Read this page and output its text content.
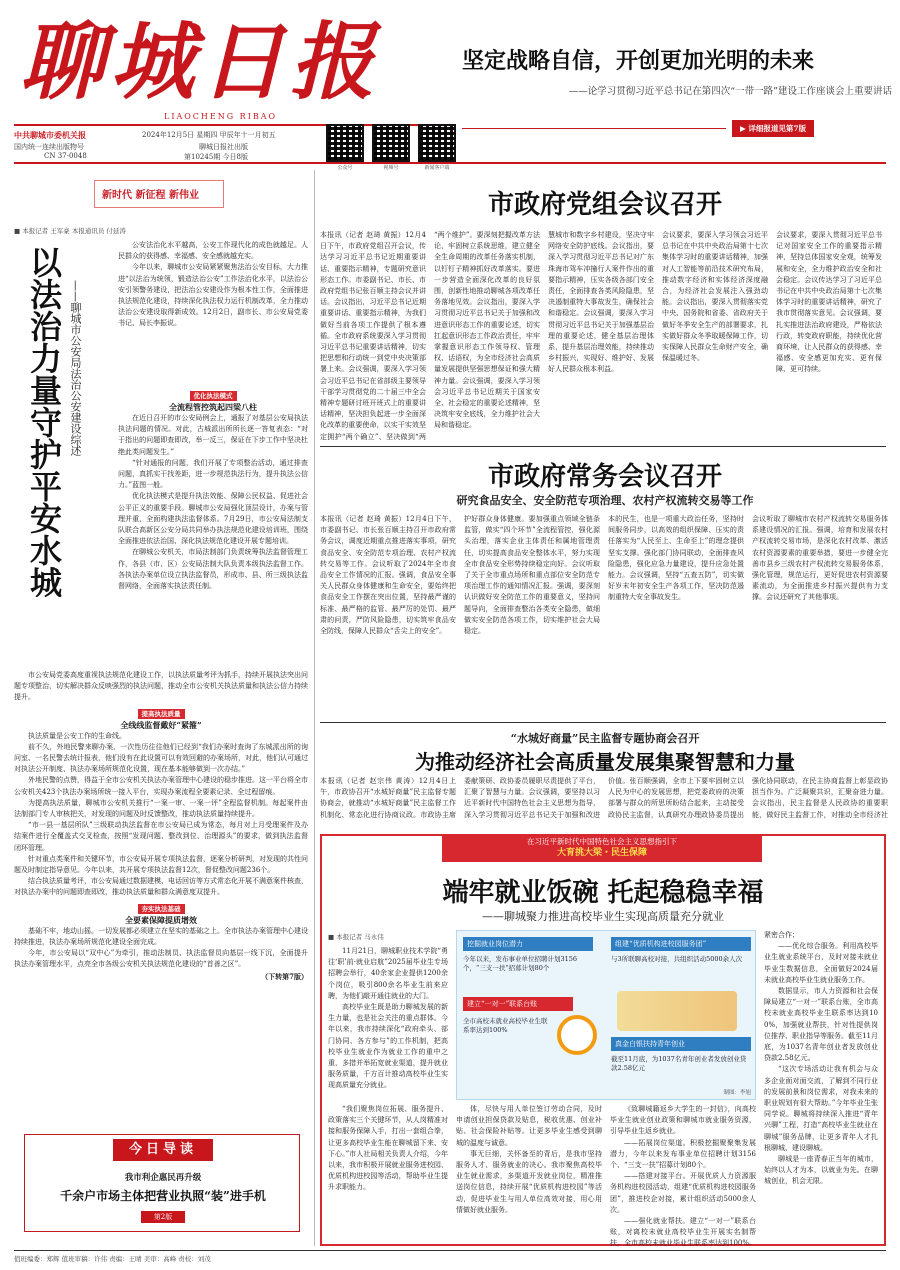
聊城日报
LIAOCHENG RIBAO
中共聊城市委机关报
国内统一连续出版物号
CN 37-0048
2024年12月5日 星期四 甲辰年十一月初五
聊城日报社出版
第10245期 今日8版
公众号	视频号	新闻客户端
坚定战略自信，开创更加光明的未来
——论学习贯彻习近平总书记在第四次“一带一路”建设工作座谈会上重要讲话
▶ 详细报道见第7版
新时代 新征程 新伟业
■ 本报记者 王军豪 本报通讯员 付延涛
以法治力量守护平安水城 ——聊城市公安局法治公安建设综述

公安法治化水平越高，公安工作现代化的成色就越足。人民群众的获得感、幸福感、安全感就越充实。

今年以来，聊城市公安局紧紧聚焦法治公安目标，大力推进“以法治为统领，锻造法治公安”工作法治化水平，以法治公安引领警务建设，把法治公安建设作为根本性工作，全面推进执法规范化建设，持续深化执法权力运行机制改革，全力推动法治公安建设取得新成效。12月2日，副市长、市公安局党委书记、局长李振说。

优化执法模式
全流程管控筑起四梁八柱

在近日召开的市公安局例会上，通报了对基层公安局执法执法问题的情况。对此，古城派出所所长逐一答复表态：“对于指出的问题即查即改，举一反三，保证在下步工作中坚决杜绝此类问题发生。”

“针对通报的问题，我们开展了专项整治活动，通过排查问题，真抓实干找差距，进一步规范执法行为，提升执法公信力。”蓝图一般。

优化执法模式是提升执法效能、保障公民权益、促进社会公平正义的重要手段。聊城市公安局强化顶层设计，办案与管理并重，全面构建执法监督体系。7月29日，市公安局法制支队联合高新区公安分局共同举办执法规范化建设培训班，围绕全面推进依法治国、深化执法规范化建设开展专题培训。

在聊城公安机关，市局法制部门负责统筹执法监督管理工作，各县（市、区）公安局法制大队负责本级执法监督工作。各执法办案单位设立执法监督员，形成市、县、所三级执法监督网络，全面落实执法责任制。

市公安局党委高度重视执法规范化建设工作，以执法质量考评为抓手，持续开展执法突出问题专项整治，切实解决群众反映强烈的执法问题，推动全市公安机关执法质量和执法公信力持续提升。

提高执法质量
全线线监督戴好“紧箍”

执法质量是公安工作的生命线。

前不久，外地民警来聊办案，一次性历往往他们已经到“我们办案时查询了东城派出所的询问室、一名民警去统计报表，他们没有在此设置可以有效回避的办案场所，对此，他们认可通过对执法公开制度、执法办案场所规范化设置，现在基本能够做到一次办结。”

外地民警的点赞，得益于全市公安机关执法办案管理中心建设的稳步推进。这一平台将全市公安机关423个执法办案场所统一接入平台，实现办案流程全要素记录、全过程留痕。

为提高执法质量，聊城市公安机关推行“一案一审、一案一评”全程监督机制。每起案件由法制部门专人审核把关，对发现的问题及时反馈整改，推动执法质量持续提升。

“市一县一基层所队”三级联动执法监督在市公安局已成为常态，每月对上月受理案件及办结案件进行全覆盖式交叉检查，按照“发现问题、整改到位、治理源头”的要求，做到执法监督闭环管理。

针对重点类案件和关键环节，市公安局开展专项执法监督，逐案分析研判，对发现的共性问题及时制定指导意见。今年以来，共开展专项执法监督12次，督促整改问题236个。

结合执法质量考评，市公安局通过数据建模、电话回访等方式常态化开展不满意案件核查，对执法办案中的问题即查即改，推动执法质量和群众满意度双提升。

夯实执法基础
全要素保障提质增效

基础不牢，地动山摇。一切发展都必须建立在坚实的基础之上。全市执法办案管理中心建设持续推进，执法办案场所规范化建设全面完成。

今年，市公安局以“双中心”为牵引，推动法制员、执法监督员向基层一线下沉，全面提升执法办案管理水平，点亮全市各级公安机关执法规范化建设的“首善之区”。

（下转第7版）
今日导读
我市利企惠民再升级
千余户市场主体把营业执照“装”进手机
第2版
市政府党组会议召开

本报讯（记者 赵琦 黄振）12月4日下午，市政府党组召开会议，传达学习习近平总书记近期重要讲话、重要指示精神，专题研究意识形态工作。市委副书记、市长、市政府党组书记张百顺主持会议并讲话。会议指出，习近平总书记近期重要讲话、重要指示精神，为我们做好当前各项工作提供了根本遵循。全市政府系统要深入学习贯彻习近平总书记重要讲话精神，切实把思想和行动统一到党中央决策部署上来。会议强调，要深入学习领会习近平总书记在省部级主要领导干部学习贯彻党的二十届三中全会精神专题研讨班开班式上的重要讲话精神，坚决担负起进一步全面深化改革的重要使命，以实干实效坚定拥护“两个确立”、坚决做到“两

“两个维护”。要深刻把握改革方法论，牢固树立系统思维，建立健全全生命周期的改革任务落实机制，以钉钉子精神抓好改革落实。要进一步营造全面深化改革的良好氛围，创新性地推动聊城各项改革任务落地见效。会议指出，要深入学习贯彻习近平总书记关于加强和改进意识形态工作的重要论述，切实扛起意识形态工作政治责任，牢牢掌握意识形态工作领导权、管理权、话语权，为全市经济社会高质量发展提供坚强思想保证和强大精神力量。会议强调，要深入学习领会习近平总书记近期关于国家安全、社会稳定的重要论述精神，坚决筑牢安全底线，全力维护社会大局和谐稳定。

慧城市和数字乡村建设，坚决守牢网络安全防护底线。会议指出，要深入学习贯彻习近平总书记对广东珠海市驾车冲撞行人案件作出的重要指示精神，压实各级各部门安全责任，全面排查各类风险隐患，坚决遏制重特大事故发生，确保社会和谐稳定。会议强调，要深入学习贯彻习近平总书记关于加强基层治理的重要论述，健全基层治理体系，提升基层治理效能，持续推动乡村振兴，实现好、维护好、发展好人民群众根本利益。

会议要求，要深入学习领会习近平总书记在中共中央政治局第十七次集体学习时的重要讲话精神，加强对人工智能等前沿技术研究布局，推动数字经济和实体经济深度融合，为经济社会发展注入强劲动能。会议指出，要深入贯彻落实党中央、国务院和省委、省政府关于做好冬季安全生产的部署要求，扎实做好群众冬季取暖保障工作，切实保障人民群众生命财产安全，确保温暖过冬。

会议要求，要深入贯彻习近平总书记对国家安全工作的重要指示精神，坚持总体国家安全观，统筹发展和安全，全力维护政治安全和社会稳定。会议传达学习了习近平总书记在中共中央政治局第十七次集体学习时的重要讲话精神，研究了我市贯彻落实意见。会议强调，要扎实推进法治政府建设，严格依法行政，转变政府职能，持续优化营商环境，让人民群众的获得感、幸福感、安全感更加充实、更有保障、更可持续。

市政府常务会议召开
研究食品安全、安全防范专项治理、农村产权流转交易等工作

本报讯（记者 赵琦 黄振）12月4日下午，市委副书记、市长张百顺主持召开市政府常务会议，调度近期重点推进落实事项，研究食品安全、安全防范专项治理、农村产权流转交易等工作。会议听取了2024年全市食品安全工作情况的汇报。强调，食品安全事关人民群众身体健康和生命安全，要始终把食品安全工作摆在突出位置，坚持最严谨的标准、最严格的监管、最严厉的处罚、最严肃的问责，严防风险隐患，切实筑牢食品安全防线，保障人民群众“舌尖上的安全”。

护好群众身体健康。要加强重点领域全链条监管，做实“四个环节”全流程管控，强化源头治理，落实企业主体责任和属地管理责任，切实提高食品安全整体水平，努力实现全市食品安全形势持续稳定向好。会议听取了关于全市重点场所和重点部位安全防范专项治理工作的通知情况汇报。强调，要深刻认识做好安全防范工作的重要意义，坚持问题导向，全面排查整治各类安全隐患，做细做实安全防范各项工作，切实维护社会大局稳定。

本的民生，也是一项重大政治任务，坚持时间服务同步，以高效的组织保障、压实的责任落实为“人民至上、生命至上”的理念提供坚实支撑。强化部门协同联动，全面排查风险隐患，强化应急力量建设，提升应急处置能力。会议强调，坚持“五查五防”，切实做好岁末年初安全生产各项工作，坚决防范遏制重特大安全事故发生。

会议听取了聊城市农村产权流转交易服务体系建设情况的汇报。强调，培育和发展农村产权流转交易市场，是深化农村改革、激活农村资源要素的重要举措，要进一步健全完善市县乡三级农村产权流转交易服务体系，强化管理，规范运行，更好促进农村资源要素流动，为全面推进乡村振兴提供有力支撑。会议还研究了其他事项。

“水城好商量”民主监督专题协商会召开
为推动经济社会高质量发展集聚智慧和力量

本报讯（记者 赵宗伟 黄涛）12月4日上午，市政协召开“水城好商量”民主监督专题协商会，就推动“水城好商量”民主监督工作机制化、常态化进行协商议政。市政协主席

委献策研、政协委员履职尽责提供了平台，汇聚了智慧与力量。会议强调，要坚持以习近平新时代中国特色社会主义思想为指导，深入学习贯彻习近平总书记关于加强和改进

价值。张百顺强调，全市上下要牢固树立以人民为中心的发展思想，把党委政府的决策部署与群众的所思所盼结合起来，主动接受政协民主监督，认真研究办理政协委员提出

强化协同联动，在民主协商监督上彰显政协担当作为。广泛凝聚共识，汇聚奋进力量。会议指出，民主监督是人民政协的重要职能，做好民主监督工作，对推动全市经济社

在习近平新时代中国特色社会主义思想指引下
大育挑大梁・民生保障
端牢就业饭碗 托起稳稳幸福
——聊城聚力推进高校毕业生实现高质量充分就业
■ 本报记者 马永伟

11月21日，聊城职业技术学院“勇往‘职’前·就业启航”2025届毕业生专场招聘会举行，40余家企业提供1200余个岗位，吸引800余名毕业生前来应聘，为他们敲开通往就业的大门。

高校毕业生既是助力聊城发展的新生力量，也是社会关注的重点群体。今年以来，我市持续深化“政府牵头、部门协同、各方参与”的工作机制，把高校毕业生就业作为就业工作的重中之重，多措并举拓宽就业渠道，提升就业服务质量，千方百计推动高校毕业生实现高质量充分就业。

挖掘就业岗位潜力
今年以来，发布事业单位招聘计划3156个，“三支一扶”招募计划80个
组建“优质机构进校园服务团”
与3所联聊高校对接，共组织活动5000余人次
建立“一对一”联系台账
全市高校未就业高校毕业生联系率达到100%
真金白银扶持青年创业
截至11月底，为1037名青年创业者发放创业贷款2.58亿元
制图：李旭

“我们聚焦岗位拓展、服务提升、政策落实三个关键环节，从人岗精准对接和服务保障入手，打出一套组合拳，让更多高校毕业生能在聊城留下来、安下心。”市人社局相关负责人介绍，今年以来，我市积极开展就业服务进校园、优质机构进校园等活动，帮助毕业生提升求职能力。

体，尽快与用人单位签订劳动合同，及时申请创业担保贷款及贴息，税收优惠、创业补贴、社会保险补贴等。让更多毕业生感受到聊城的温度与诚意。

事无巨细，关怀备至的背后，是我市坚持服务人才、服务就业的决心。我市聚焦高校毕业生就业需求，多渠道开发就业岗位，精准推送岗位信息，持续开展“优质机构进校园”等活动，促进毕业生与用人单位高效对接，用心用情做好就业服务。

《致聊城籍返乡大学生的一封信》，向高校毕业生就业创业政策和聊城市就业服务资源，引导毕业生返乡就业。

——拓展岗位渠道。积极挖掘聚聚集发展潜力，今年以来发布事业单位招聘计划3156个、“三支一扶”招募计划80个。

——搭建对接平台。开展优质人力资源服务机构进校园活动，组建“优质机构进校园服务团”，推进校企对接，累计组织活动5000余人次。

——强化就业帮扶。建立“一对一”联系台账，对离校未就业高校毕业生开展实名制帮扶，全市高校未就业毕业生联系率达到100%。

紧密合作；

——优化综合服务。利用高校毕业生就业系统平台，及时对接未就业毕业生数据信息，全面做好2024届未就业高校毕业生就业服务工作。

数据显示，市人力资源和社会保障局建立“一对一”联系台账，全市高校未就业高校毕业生联系率达到100%，加强就业帮扶，针对性提供岗位推荐、职业指导等服务。截至11月底，为1037名青年创业者发放创业贷款2.58亿元。

“这次专场活动让我有机会与众多企业面对面交流，了解到不同行业的发展前景和岗位需求，对我未来的职业规划有很大帮助。”今年毕业生张同学说。聊城将持续深入推进“青年兴聊”工程，打造“高校毕业生就业在聊城”服务品牌，让更多青年人才扎根聊城、建设聊城。

聊城是一座青春正当年的城市，始终以人才为本，以就业为先。在聊城创业，机会无限。

值班编委：郑辉 值班审稿：许伟 责编：王晴 美审：高峰 责校：刘茂
